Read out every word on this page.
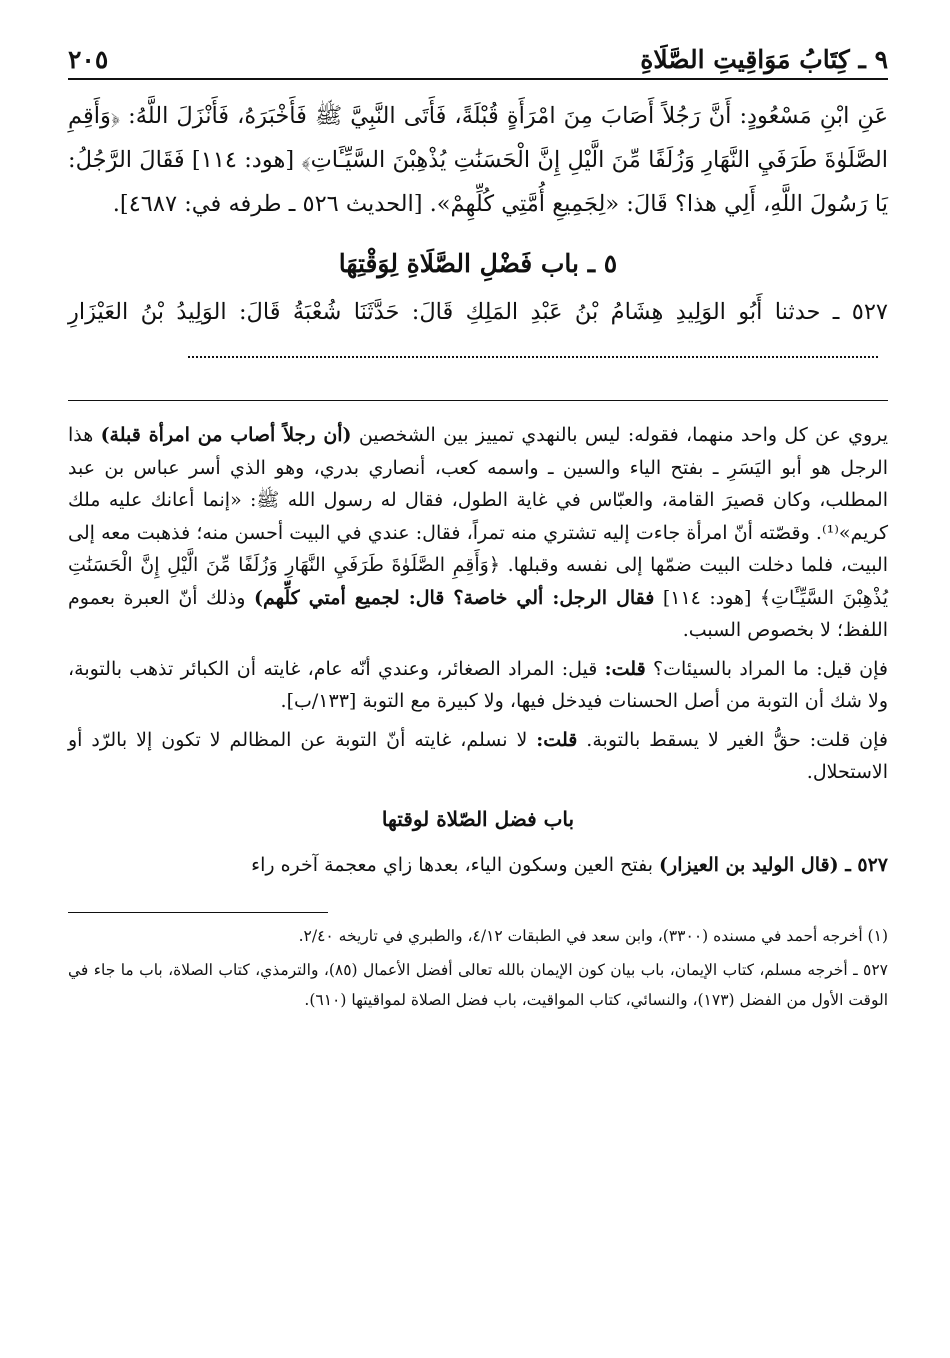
٩ ـ كِتَابُ مَوَاقِيتِ الصَّلَاةِ
٢٠٥

عَنِ ابْنِ مَسْعُودٍ: أَنَّ رَجُلاً أَصَابَ مِنَ امْرَأَةٍ قُبْلَةً، فَأَتَى النَّبِيَّ ﷺ فَأَخْبَرَهُ، فَأَنْزَلَ اللَّهُ: ﴿وَأَقِمِ الصَّلَوٰةَ طَرَفَيِ النَّهَارِ وَزُلَفًا مِّنَ الَّيْلِ إِنَّ الْحَسَنَٰتِ يُذْهِبْنَ السَّيِّـَٔاتِ﴾ [هود: ١١٤] فَقَالَ الرَّجُلُ: يَا رَسُولَ اللَّهِ، أَلِي هذا؟ قَالَ: «لِجَمِيعِ أُمَّتِي كُلِّهِمْ». [الحديث ٥٢٦ ـ طرفه في: ٤٦٨٧].

٥ ـ باب فَضْلِ الصَّلَاةِ لِوَقْتِهَا

٥٢٧ ـ حدثنا أَبُو الوَلِيدِ هِشَامُ بْنُ عَبْدِ المَلِكِ قَالَ: حَدَّثَنَا شُعْبَةُ قَالَ: الوَلِيدُ بْنُ العَيْزَارِ

يروي عن كل واحد منهما، فقوله: ليس بالنهدي تمييز بين الشخصين (أن رجلاً أصاب من امرأة قبلة) هذا الرجل هو أبو اليَسَرِ ـ بفتح الياء والسين ـ واسمه كعب، أنصاري بدري، وهو الذي أسر عباس بن عبد المطلب، وكان قصيرَ القامة، والعبّاس في غاية الطول، فقال له رسول الله ﷺ: «إنما أعانك عليه ملك كريم»⁽¹⁾. وقصّته أنّ امرأة جاءت إليه تشتري منه تمراً، فقال: عندي في البيت أحسن منه؛ فذهبت معه إلى البيت، فلما دخلت البيت ضمّها إلى نفسه وقبلها. ﴿وَأَقِمِ الصَّلَوٰةَ طَرَفَيِ النَّهَارِ وَزُلَفًا مِّنَ الَّيْلِ إِنَّ الْحَسَنَٰتِ يُذْهِبْنَ السَّيِّـَٔاتِ﴾ [هود: ١١٤] فقال الرجل: ألي خاصة؟ قال: لجميع أمتي كلِّهم) وذلك أنّ العبرة بعموم اللفظ؛ لا بخصوص السبب.

فإن قيل: ما المراد بالسيئات؟ قلت: قيل: المراد الصغائر، وعندي أنّه عام، غايته أن الكبائر تذهب بالتوبة، ولا شك أن التوبة من أصل الحسنات فيدخل فيها، ولا كبيرة مع التوبة [١٣٣/ب].

فإن قلت: حقُّ الغير لا يسقط بالتوبة. قلت: لا نسلم، غايته أنّ التوبة عن المظالم لا تكون إلا بالرّد أو الاستحلال.

باب فضل الصّلاة لوقتها

٥٢٧ ـ (قال الوليد بن العيزار) بفتح العين وسكون الياء، بعدها زاي معجمة آخره راء

(١) أخرجه أحمد في مسنده (٣٣٠٠)، وابن سعد في الطبقات ٤/١٢، والطبري في تاريخه ٢/٤٠.

٥٢٧ ـ أخرجه مسلم، كتاب الإيمان، باب بيان كون الإيمان بالله تعالى أفضل الأعمال (٨٥)، والترمذي، كتاب الصلاة، باب ما جاء في الوقت الأول من الفضل (١٧٣)، والنسائي، كتاب المواقيت، باب فضل الصلاة لمواقيتها (٦١٠).
